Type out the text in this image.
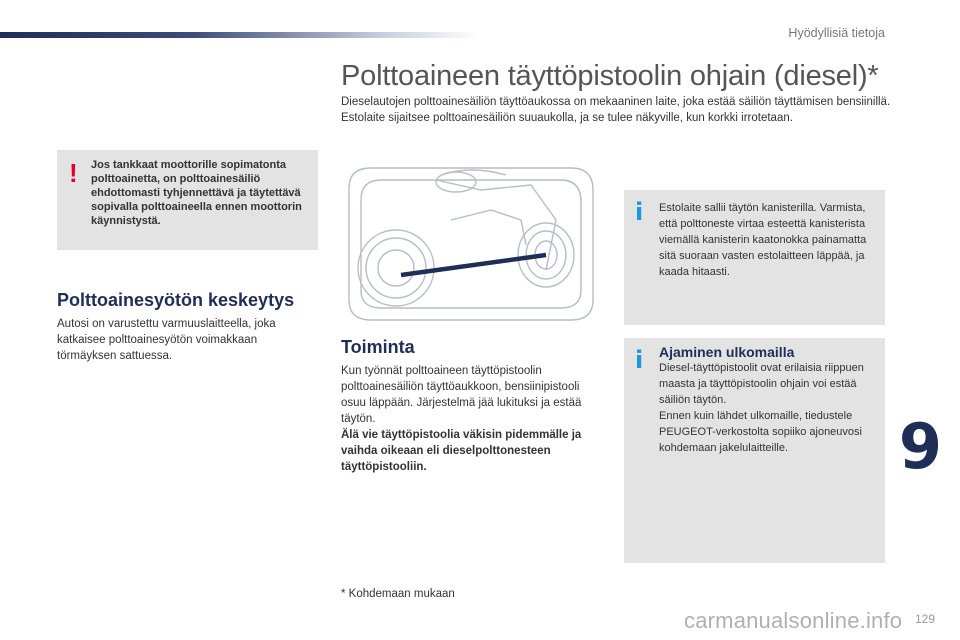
Hyödyllisiä tietoja
9
129
Polttoaineen täyttöpistoolin ohjain (diesel)*

Dieselautojen polttoainesäiliön täyttöaukossa on mekaaninen laite, joka estää säiliön täyttämisen bensiinillä.

Estolaite sijaitsee polttoainesäiliön suuaukolla, ja se tulee näkyville, kun korkki irrotetaan.

! Jos tankkaat moottorille sopimatonta polttoainetta, on polttoainesäiliö ehdottomasti tyhjennettävä ja täytettävä sopivalla polttoaineella ennen moottorin käynnistystä.
Polttoainesyötön keskeytys
Autosi on varustettu varmuuslaitteella, joka katkaisee polttoainesyötön voimakkaan törmäyksen sattuessa.	Toiminta

Kun työnnät polttoaineen täyttöpistoolin polttoainesäiliön täyttöaukkoon, bensiinipistooli osuu läppään. Järjestelmä jää lukituksi ja estää täytön.

Älä vie täyttöpistoolia väkisin pidemmälle ja vaihda oikeaan eli dieselpolttonesteen täyttöpistooliin.

i Estolaite sallii täytön kanisterilla. Varmista, että polttoneste virtaa esteettä kanisterista viemällä kanisterin kaatonokka painamatta sitä suoraan vasten estolaitteen läppää, ja kaada hitaasti.
i Ajaminen ulkomailla

Diesel-täyttöpistoolit ovat erilaisia riippuen maasta ja täyttöpistoolin ohjain voi estää säiliön täytön.

Ennen kuin lähdet ulkomaille, tiedustele PEUGEOT-verkostolta sopiiko ajoneuvosi kohdemaan jakelulaitteille.

* Kohdemaan mukaan
carmanualsonline.info
